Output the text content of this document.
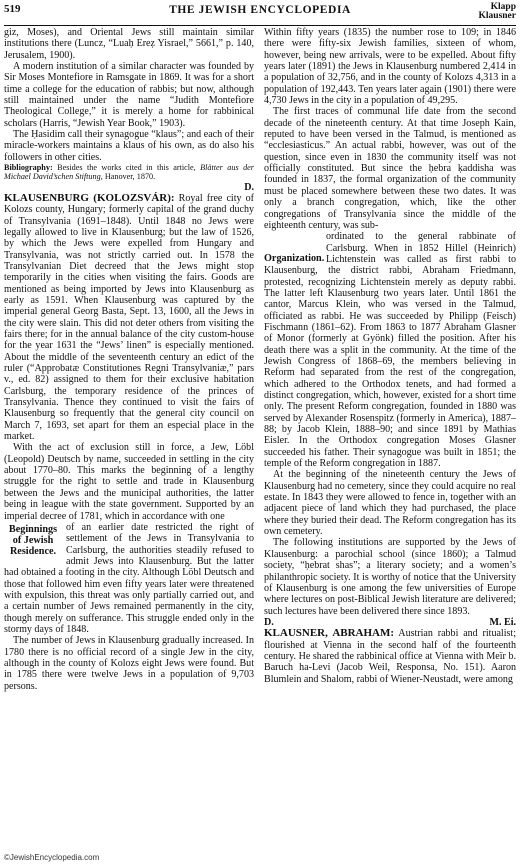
519	THE JEWISH ENCYCLOPEDIA	Klapp
Klausner

giz, Moses), and Oriental Jews still maintain similar institutions there (Luncz, “Luaḥ Ereẓ Yisrael,” 5661,” p. 140, Jerusalem, 1900).

A modern institution of a similar character was founded by Sir Moses Montefiore in Ramsgate in 1869. It was for a short time a college for the education of rabbis; but now, although still maintained under the name “Judith Montefiore Theological College,” it is merely a home for rabbinical scholars (Harris, “Jewish Year Book,” 1903).

The Ḥasidim call their synagogue “klaus”; and each of their miracle-workers maintains a klaus of his own, as do also his followers in other cities.

Bibliography: Besides the works cited in this article, Blätter aus der Michael David’schen Stiftung, Hanover, 1870.

D.

KLAUSENBURG (KOLOZSVÁR): Royal free city of Kolozs county, Hungary; formerly capital of the grand duchy of Transylvania (1691–1848). Until 1848 no Jews were legally allowed to live in Klausenburg; but the law of 1526, by which the Jews were expelled from Hungary and Transylvania, was not strictly carried out. In 1578 the Transylvanian Diet decreed that the Jews might stop temporarily in the cities when visiting the fairs. Goods are mentioned as being imported by Jews into Klausenburg as early as 1591. When Klausenburg was captured by the imperial general Georg Basta, Sept. 13, 1600, all the Jews in the city were slain. This did not deter others from visiting the fairs there; for in the annual balance of the city custom-house for the year 1631 the “Jews’ linen” is especially mentioned. About the middle of the seventeenth century an edict of the ruler (“Approbatæ Constitutiones Regni Transylvaniæ,” pars v., ed. 82) assigned to them for their exclusive habitation Carlsburg, the temporary residence of the princes of Transylvania. Thence they continued to visit the fairs of Klausenburg so frequently that the general city council on March 7, 1693, set apart for them an especial place in the market.

With the act of exclusion still in force, a Jew, Löbl (Leopold) Deutsch by name, succeeded in settling in the city about 1770–80. This marks the beginning of a lengthy struggle for the right to settle and trade in Klausenburg between the Jews and the municipal authorities, the latter being in league with the state government. Supported by an imperial decree of 1781, which in accordance with one

Beginnings of Jewish Residence.
of an earlier date restricted the right of settlement of the Jews in Transylvania to Carlsburg, the authorities steadily refused to admit Jews into Klausenburg. But the latter had obtained a footing in the city. Although Löbl Deutsch and those that followed him even fifty years later were threatened with expulsion, this threat was only partially carried out, and a certain number of Jews remained permanently in the city, though merely on sufferance. This struggle ended only in the stormy days of 1848.

The number of Jews in Klausenburg gradually increased. In 1780 there is no official record of a single Jew in the city, although in the county of Kolozs eight Jews were found. But in 1785 there were twelve Jews in a population of 9,703 persons.

Within fifty years (1835) the number rose to 109; in 1846 there were fifty-six Jewish families, sixteen of whom, however, being new arrivals, were to be expelled. About fifty years later (1891) the Jews in Klausenburg numbered 2,414 in a population of 32,756, and in the county of Kolozs 4,313 in a population of 192,443. Ten years later again (1901) there were 4,730 Jews in the city in a population of 49,295.

The first traces of communal life date from the second decade of the nineteenth century. At that time Joseph Kain, reputed to have been versed in the Talmud, is mentioned as “ecclesiasticus.” An actual rabbi, however, was out of the question, since even in 1830 the community itself was not officially constituted. But since the ḥebra ḳaddisha was founded in 1837, the formal organization of the community must be placed somewhere between these two dates. It was only a branch congregation, which, like the other congregations of Transylvania since the middle of the eighteenth century, was sub-

Organization.
ordinated to the general rabbinate of Carlsburg. When in 1852 Hillel (Heinrich) Lichtenstein was called as first rabbi to Klausenburg, the district rabbi, Abraham Friedmann, protested, recognizing Lichtenstein merely as deputy rabbi. The latter left Klausenburg two years later. Until 1861 the cantor, Marcus Klein, who was versed in the Talmud, officiated as rabbi. He was succeeded by Philipp (Feisch) Fischmann (1861–62). From 1863 to 1877 Abraham Glasner of Monor (formerly at Gyönk) filled the position. After his death there was a split in the community. At the time of the Jewish Congress of 1868–69, the members believing in Reform had separated from the rest of the congregation, which adhered to the Orthodox tenets, and had formed a distinct congregation, which, however, existed for a short time only. The present Reform congregation, founded in 1880 was served by Alexander Rosenspitz (formerly in America), 1887–88; by Jacob Klein, 1888–90; and since 1891 by Mathias Eisler. In the Orthodox congregation Moses Glasner succeeded his father. Their synagogue was built in 1851; the temple of the Reform congregation in 1887.

At the beginning of the nineteenth century the Jews of Klausenburg had no cemetery, since they could acquire no real estate. In 1843 they were allowed to fence in, together with an adjacent piece of land which they had purchased, the place where they buried their dead. The Reform congregation has its own cemetery.

The following institutions are supported by the Jews of Klausenburg: a parochial school (since 1860); a Talmud society, “ḥebrat shas”; a literary society; and a women’s philanthropic society. It is worthy of notice that the University of Klausenburg is one among the few universities of Europe where lectures on post-Biblical Jewish literature are delivered; such lectures have been delivered there since 1893.

D.	M. Ei.

KLAUSNER, ABRAHAM: Austrian rabbi and ritualist; flourished at Vienna in the second half of the fourteenth century. He shared the rabbinical office at Vienna with Meïr b. Baruch ha-Levi (Jacob Weil, Responsa, No. 151). Aaron Blumlein and Shalom, rabbi of Wiener-Neustadt, were among

©JewishEncyclopedia.com
